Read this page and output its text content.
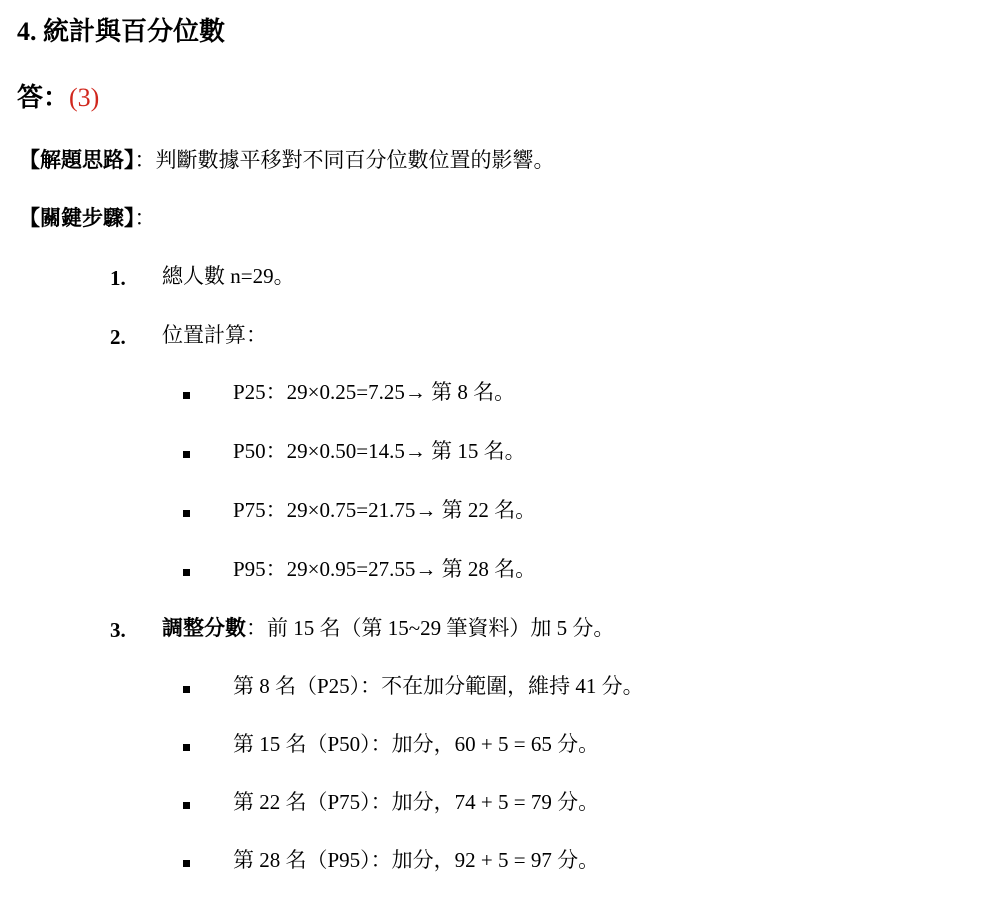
4. 統計與百分位數
答：(3)
【解題思路】：判斷數據平移對不同百分位數位置的影響。
【關鍵步驟】：
1. 總人數 n=29。
2. 位置計算：
P25：29×0.25=7.25→ 第 8 名。
P50：29×0.50=14.5→ 第 15 名。
P75：29×0.75=21.75→ 第 22 名。
P95：29×0.95=27.55→ 第 28 名。
3. 調整分數：前 15 名（第 15~29 筆資料）加 5 分。
第 8 名（P25）：不在加分範圍，維持 41 分。
第 15 名（P50）：加分，60 + 5 = 65 分。
第 22 名（P75）：加分，74 + 5 = 79 分。
第 28 名（P95）：加分，92 + 5 = 97 分。
